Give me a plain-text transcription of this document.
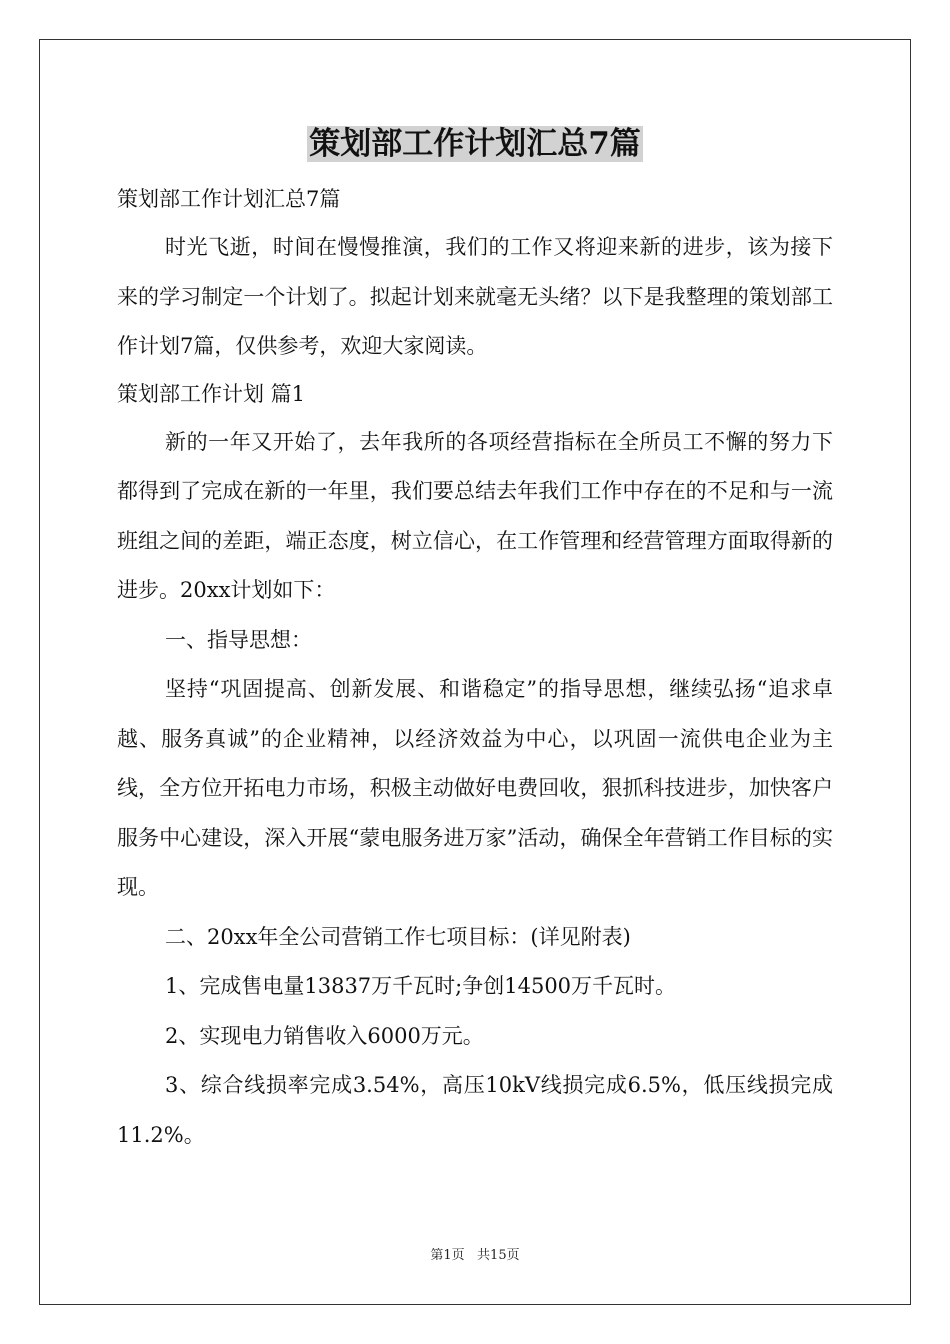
策划部工作计划汇总7篇

策划部工作计划汇总7篇

时光飞逝，时间在慢慢推演，我们的工作又将迎来新的进步，该为接下来的学习制定一个计划了。拟起计划来就毫无头绪？以下是我整理的策划部工作计划7篇，仅供参考，欢迎大家阅读。

策划部工作计划 篇1

新的一年又开始了，去年我所的各项经营指标在全所员工不懈的努力下都得到了完成在新的一年里，我们要总结去年我们工作中存在的不足和与一流班组之间的差距，端正态度，树立信心，在工作管理和经营管理方面取得新的进步。20xx计划如下：

一、指导思想：

坚持“巩固提高、创新发展、和谐稳定”的指导思想，继续弘扬“追求卓越、服务真诚”的企业精神，以经济效益为中心，以巩固一流供电企业为主线，全方位开拓电力市场，积极主动做好电费回收，狠抓科技进步，加快客户服务中心建设，深入开展“蒙电服务进万家”活动，确保全年营销工作目标的实现。

二、20xx年全公司营销工作七项目标：(详见附表)

1、完成售电量13837万千瓦时;争创14500万千瓦时。

2、实现电力销售收入6000万元。

3、综合线损率完成3.54%，高压10kV线损完成6.5%，低压线损完成11.2%。

第1页   共15页
